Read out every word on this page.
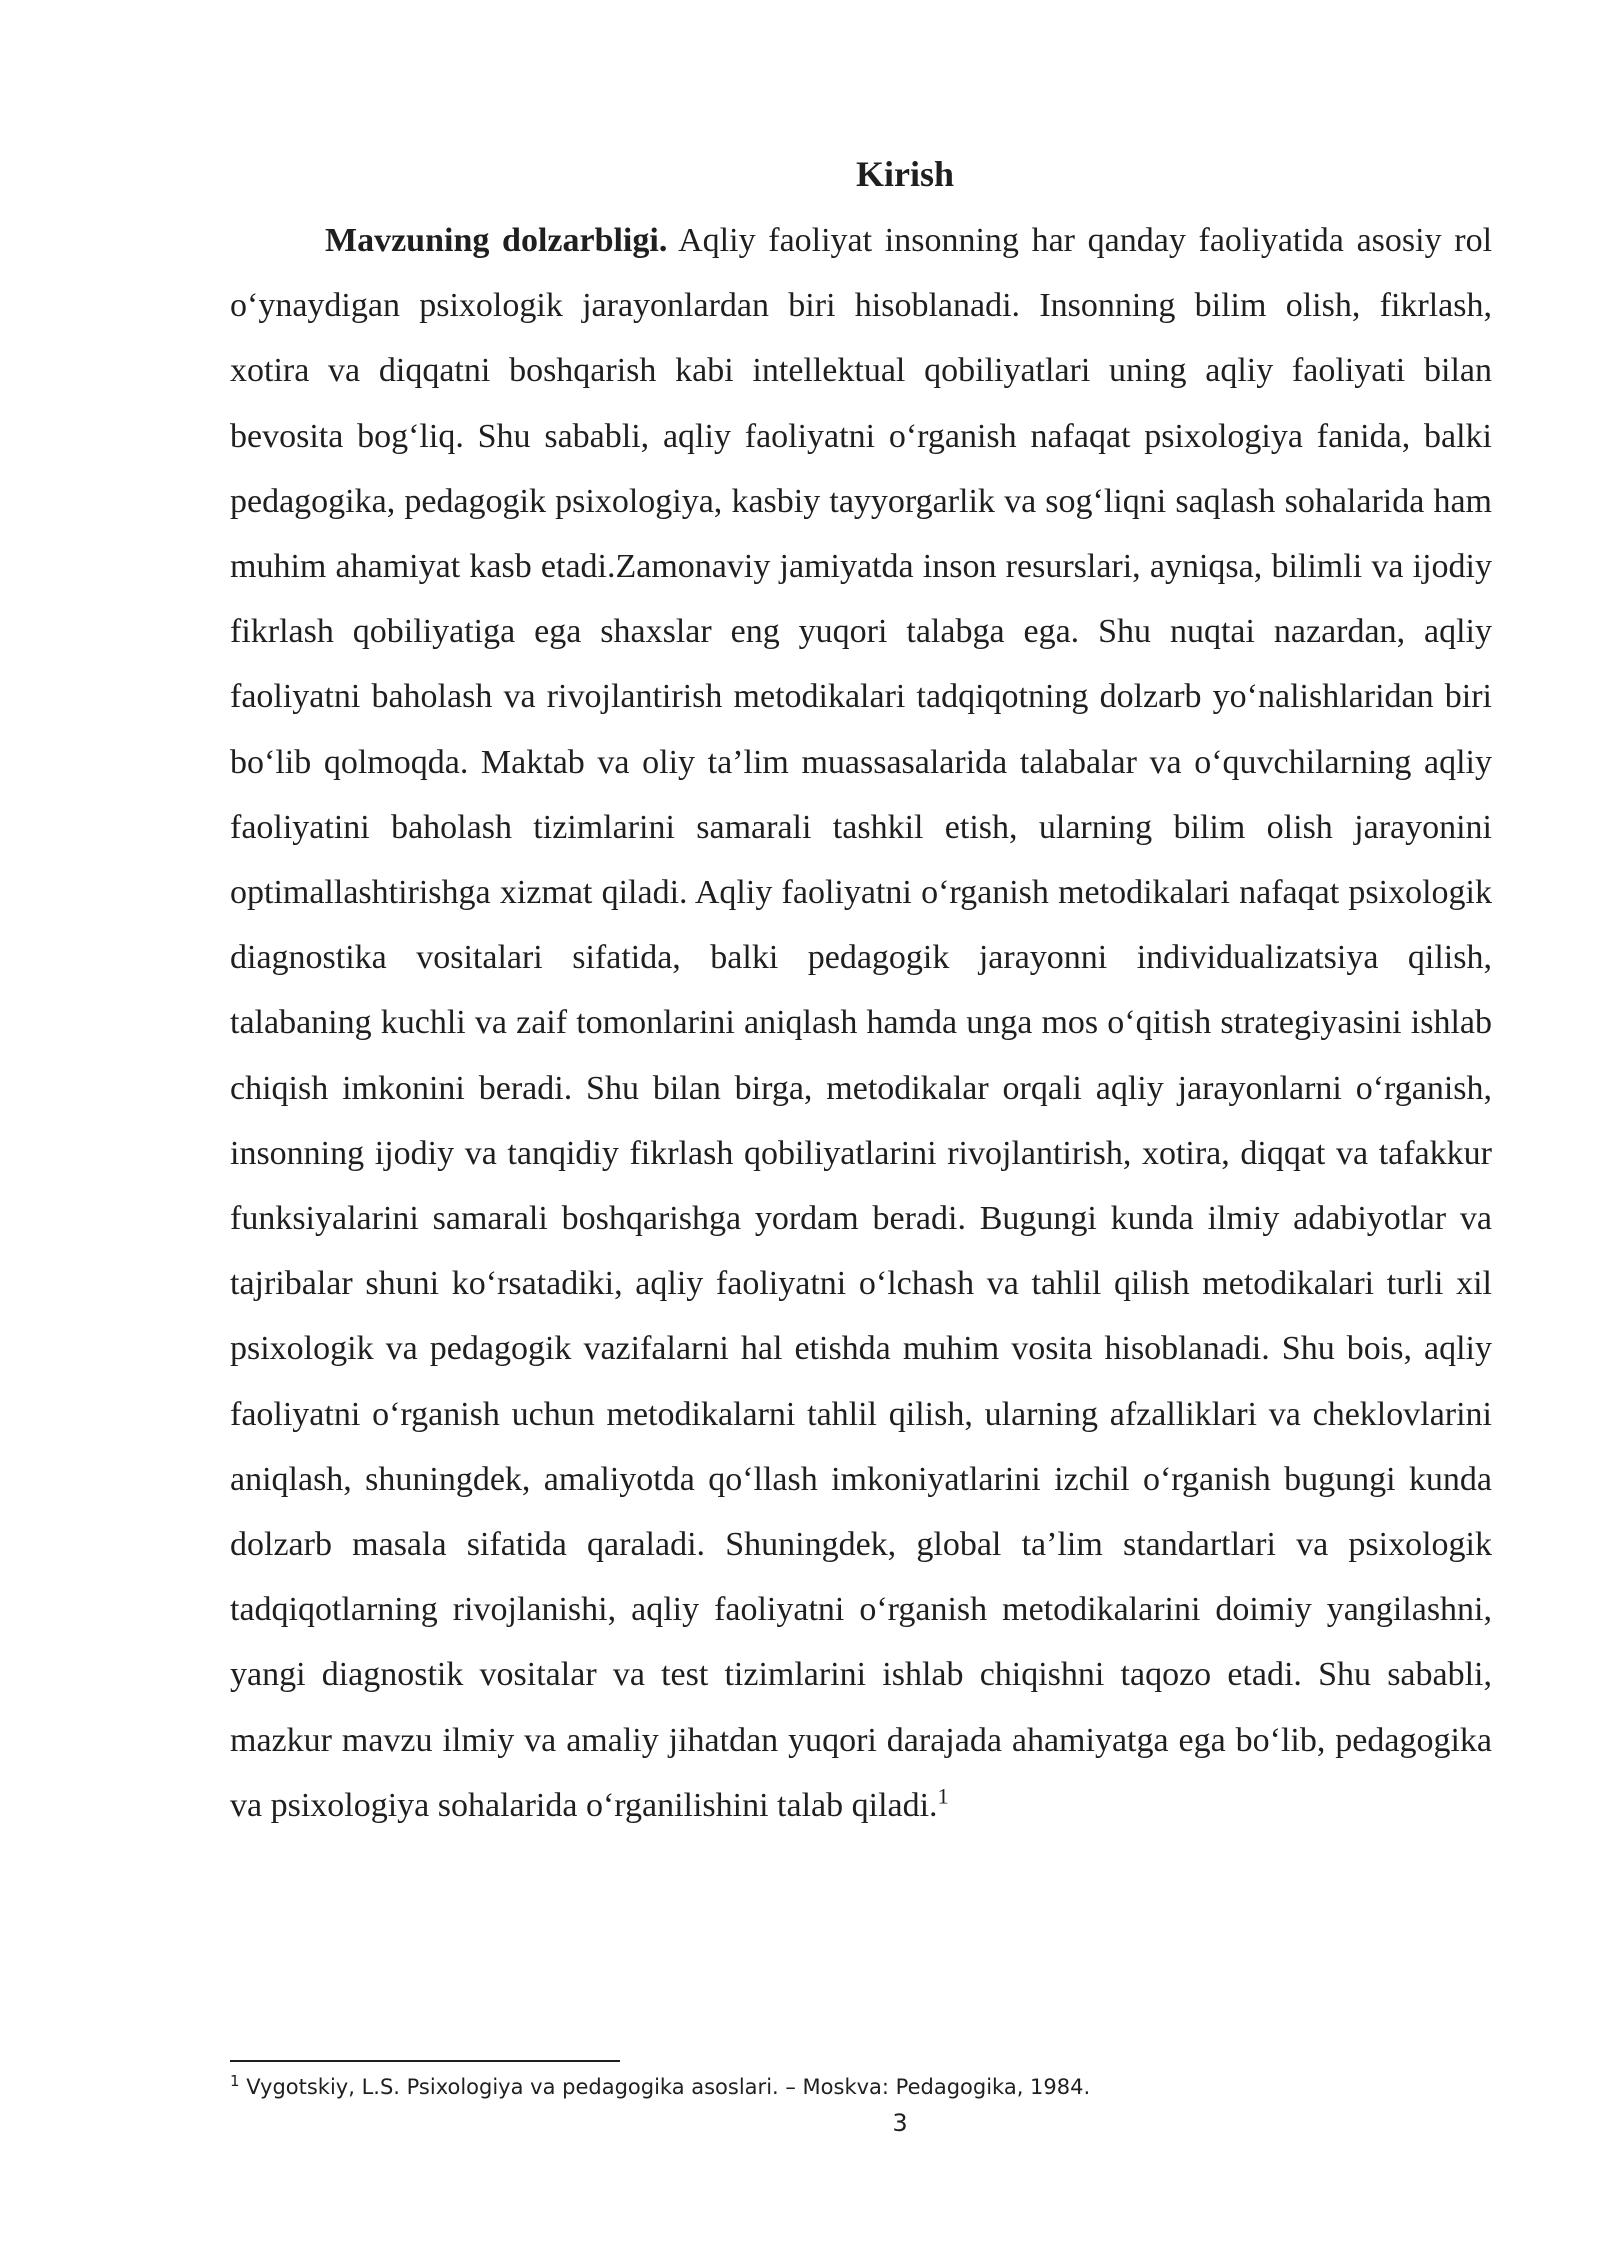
Kirish

Mavzuning dolzarbligi. Aqliy faoliyat insonning har qanday faoliyatida asosiy rol o‘ynaydigan psixologik jarayonlardan biri hisoblanadi. Insonning bilim olish, fikrlash, xotira va diqqatni boshqarish kabi intellektual qobiliyatlari uning aqliy faoliyati bilan bevosita bog‘liq. Shu sababli, aqliy faoliyatni o‘rganish nafaqat psixologiya fanida, balki pedagogika, pedagogik psixologiya, kasbiy tayyorgarlik va sog‘liqni saqlash sohalarida ham muhim ahamiyat kasb etadi.Zamonaviy jamiyatda inson resurslari, ayniqsa, bilimli va ijodiy fikrlash qobiliyatiga ega shaxslar eng yuqori talabga ega. Shu nuqtai nazardan, aqliy faoliyatni baholash va rivojlantirish metodikalari tadqiqotning dolzarb yo‘nalishlaridan biri bo‘lib qolmoqda. Maktab va oliy ta’lim muassasalarida talabalar va o‘quvchilarning aqliy faoliyatini baholash tizimlarini samarali tashkil etish, ularning bilim olish jarayonini optimallashtirishga xizmat qiladi. Aqliy faoliyatni o‘rganish metodikalari nafaqat psixologik diagnostika vositalari sifatida, balki pedagogik jarayonni individualizatsiya qilish, talabaning kuchli va zaif tomonlarini aniqlash hamda unga mos o‘qitish strategiyasini ishlab chiqish imkonini beradi. Shu bilan birga, metodikalar orqali aqliy jarayonlarni o‘rganish, insonning ijodiy va tanqidiy fikrlash qobiliyatlarini rivojlantirish, xotira, diqqat va tafakkur funksiyalarini samarali boshqarishga yordam beradi. Bugungi kunda ilmiy adabiyotlar va tajribalar shuni ko‘rsatadiki, aqliy faoliyatni o‘lchash va tahlil qilish metodikalari turli xil psixologik va pedagogik vazifalarni hal etishda muhim vosita hisoblanadi. Shu bois, aqliy faoliyatni o‘rganish uchun metodikalarni tahlil qilish, ularning afzalliklari va cheklovlarini aniqlash, shuningdek, amaliyotda qo‘llash imkoniyatlarini izchil o‘rganish bugungi kunda dolzarb masala sifatida qaraladi. Shuningdek, global ta’lim standartlari va psixologik tadqiqotlarning rivojlanishi, aqliy faoliyatni o‘rganish metodikalarini doimiy yangilashni, yangi diagnostik vositalar va test tizimlarini ishlab chiqishni taqozo etadi. Shu sababli, mazkur mavzu ilmiy va amaliy jihatdan yuqori darajada ahamiyatga ega bo‘lib, pedagogika va psixologiya sohalarida o‘rganilishini talab qiladi.$^1$

$^1$ Vygotskiy, L.S. Psixologiya va pedagogika asoslari. – Moskva: Pedagogika, 1984.
3
